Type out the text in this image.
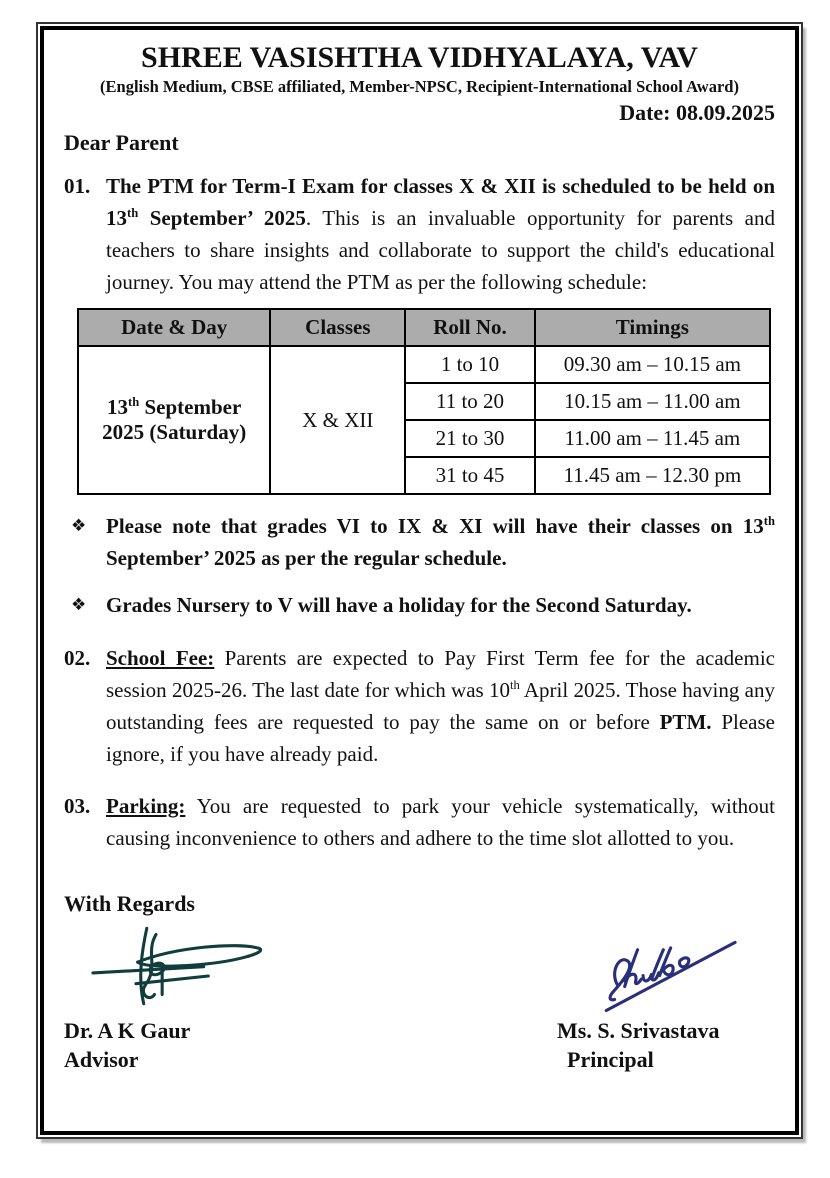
SHREE VASISHTHA VIDHYALAYA, VAV
(English Medium, CBSE affiliated, Member-NPSC, Recipient-International School Award)
Date: 08.09.2025
Dear Parent
01. The PTM for Term-I Exam for classes X & XII is scheduled to be held on 13th September’ 2025. This is an invaluable opportunity for parents and teachers to share insights and collaborate to support the child's educational journey. You may attend the PTM as per the following schedule:
Date & Day	Classes	Roll No.	Timings
13th September 2025 (Saturday)	X & XII	1 to 10	09.30 am – 10.15 am
		11 to 20	10.15 am – 11.00 am
		21 to 30	11.00 am – 11.45 am
		31 to 45	11.45 am – 12.30 pm
❖ Please note that grades VI to IX & XI will have their classes on 13th September’ 2025 as per the regular schedule.
❖ Grades Nursery to V will have a holiday for the Second Saturday.
02. School Fee: Parents are expected to Pay First Term fee for the academic session 2025-26. The last date for which was 10th April 2025. Those having any outstanding fees are requested to pay the same on or before PTM. Please ignore, if you have already paid.
03. Parking: You are requested to park your vehicle systematically, without causing inconvenience to others and adhere to the time slot allotted to you.
With Regards
Dr. A K Gaur
Advisor
Ms. S. Srivastava
Principal
